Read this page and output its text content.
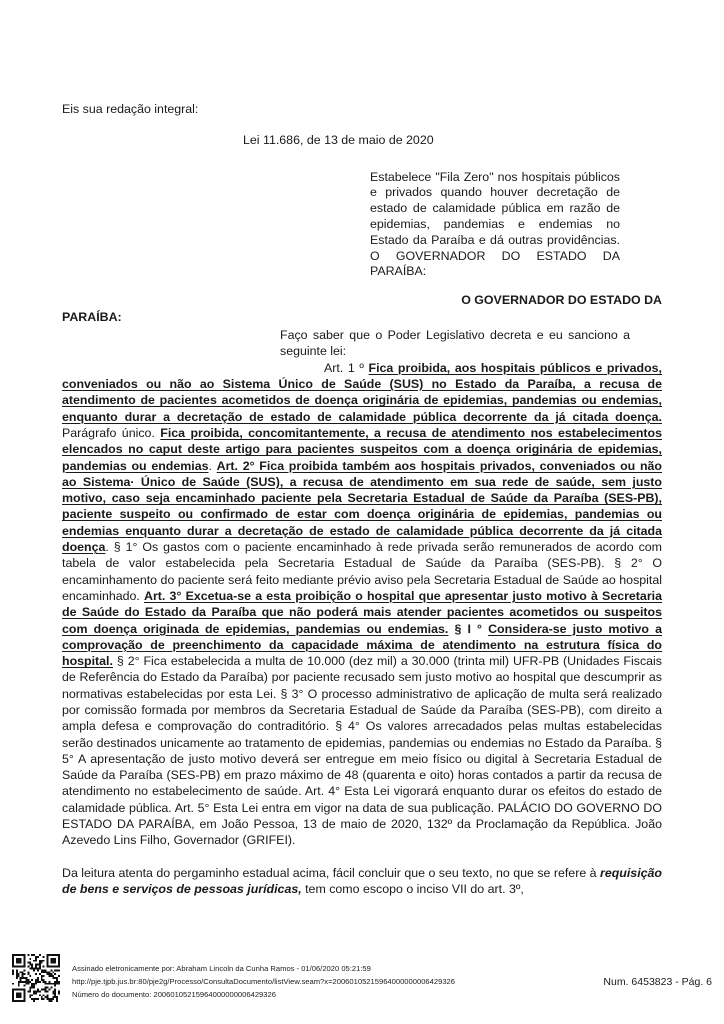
Eis sua redação integral:
Lei 11.686, de 13 de maio de 2020
Estabelece "Fila Zero" nos hospitais públicos e privados quando houver decretação de estado de calamidade pública em razão de epidemias, pandemias e endemias no Estado da Paraíba e dá outras providências. O GOVERNADOR DO ESTADO DA PARAÍBA:
O GOVERNADOR DO ESTADO DA
PARAÍBA:
Faço saber que o Poder Legislativo decreta e eu sanciono a seguinte lei:

Art. 1 º Fica proibida, aos hospitais públicos e privados, conveniados ou não ao Sistema Único de Saúde (SUS) no Estado da Paraíba, a recusa de atendimento de pacientes acometidos de doença originária de epidemias, pandemias ou endemias, enquanto durar a decretação de estado de calamidade pública decorrente da já citada doença. Parágrafo único. Fica proibida, concomitantemente, a recusa de atendimento nos estabelecimentos elencados no caput deste artigo para pacientes suspeitos com a doença originária de epidemias, pandemias ou endemias. Art. 2° Fica proibida também aos hospitais privados, conveniados ou não ao Sistema· Único de Saúde (SUS), a recusa de atendimento em sua rede de saúde, sem justo motivo, caso seja encaminhado paciente pela Secretaria Estadual de Saúde da Paraíba (SES-PB), paciente suspeito ou confirmado de estar com doença originária de epidemias, pandemias ou endemias enquanto durar a decretação de estado de calamidade pública decorrente da já citada doença. § 1° Os gastos com o paciente encaminhado à rede privada serão remunerados de acordo com tabela de valor estabelecida pela Secretaria Estadual de Saúde da Paraíba (SES-PB). § 2° O encaminhamento do paciente será feito mediante prévio aviso pela Secretaria Estadual de Saúde ao hospital encaminhado. Art. 3° Excetua-se a esta proibição o hospital que apresentar justo motivo à Secretaria de Saúde do Estado da Paraíba que não poderá mais atender pacientes acometidos ou suspeitos com doença originada de epidemias, pandemias ou endemias. § I ° Considera-se justo motivo a comprovação de preenchimento da capacidade máxima de atendimento na estrutura física do hospital. § 2° Fica estabelecida a multa de 10.000 (dez mil) a 30.000 (trinta mil) UFR-PB (Unidades Fiscais de Referência do Estado da Paraíba) por paciente recusado sem justo motivo ao hospital que descumprir as normativas estabelecidas por esta Lei. § 3° O processo administrativo de aplicação de multa será realizado por comissão formada por membros da Secretaria Estadual de Saúde da Paraíba (SES-PB), com direito a ampla defesa e comprovação do contraditório. § 4° Os valores arrecadados pelas multas estabelecidas serão destinados unicamente ao tratamento de epidemias, pandemias ou endemias no Estado da Paraíba. § 5° A apresentação de justo motivo deverá ser entregue em meio físico ou digital à Secretaria Estadual de Saúde da Paraíba (SES-PB) em prazo máximo de 48 (quarenta e oito) horas contados a partir da recusa de atendimento no estabelecimento de saúde. Art. 4° Esta Lei vigorará enquanto durar os efeitos do estado de calamidade pública. Art. 5° Esta Lei entra em vigor na data de sua publicação. PALÁCIO DO GOVERNO DO ESTADO DA PARAÍBA, em João Pessoa, 13 de maio de 2020, 132º da Proclamação da República. João Azevedo Lins Filho, Governador (GRIFEI).

Da leitura atenta do pergaminho estadual acima, fácil concluir que o seu texto, no que se refere à requisição de bens e serviços de pessoas jurídicas, tem como escopo o inciso VII do art. 3º,

Assinado eletronicamente por: Abraham Lincoln da Cunha Ramos - 01/06/2020 05:21:59
http://pje.tjpb.jus.br:80/pje2g/Processo/ConsultaDocumento/listView.seam?x=20060105215964000000006429326
Número do documento: 20060105215964000000006429326
Num. 6453823 - Pág. 6
